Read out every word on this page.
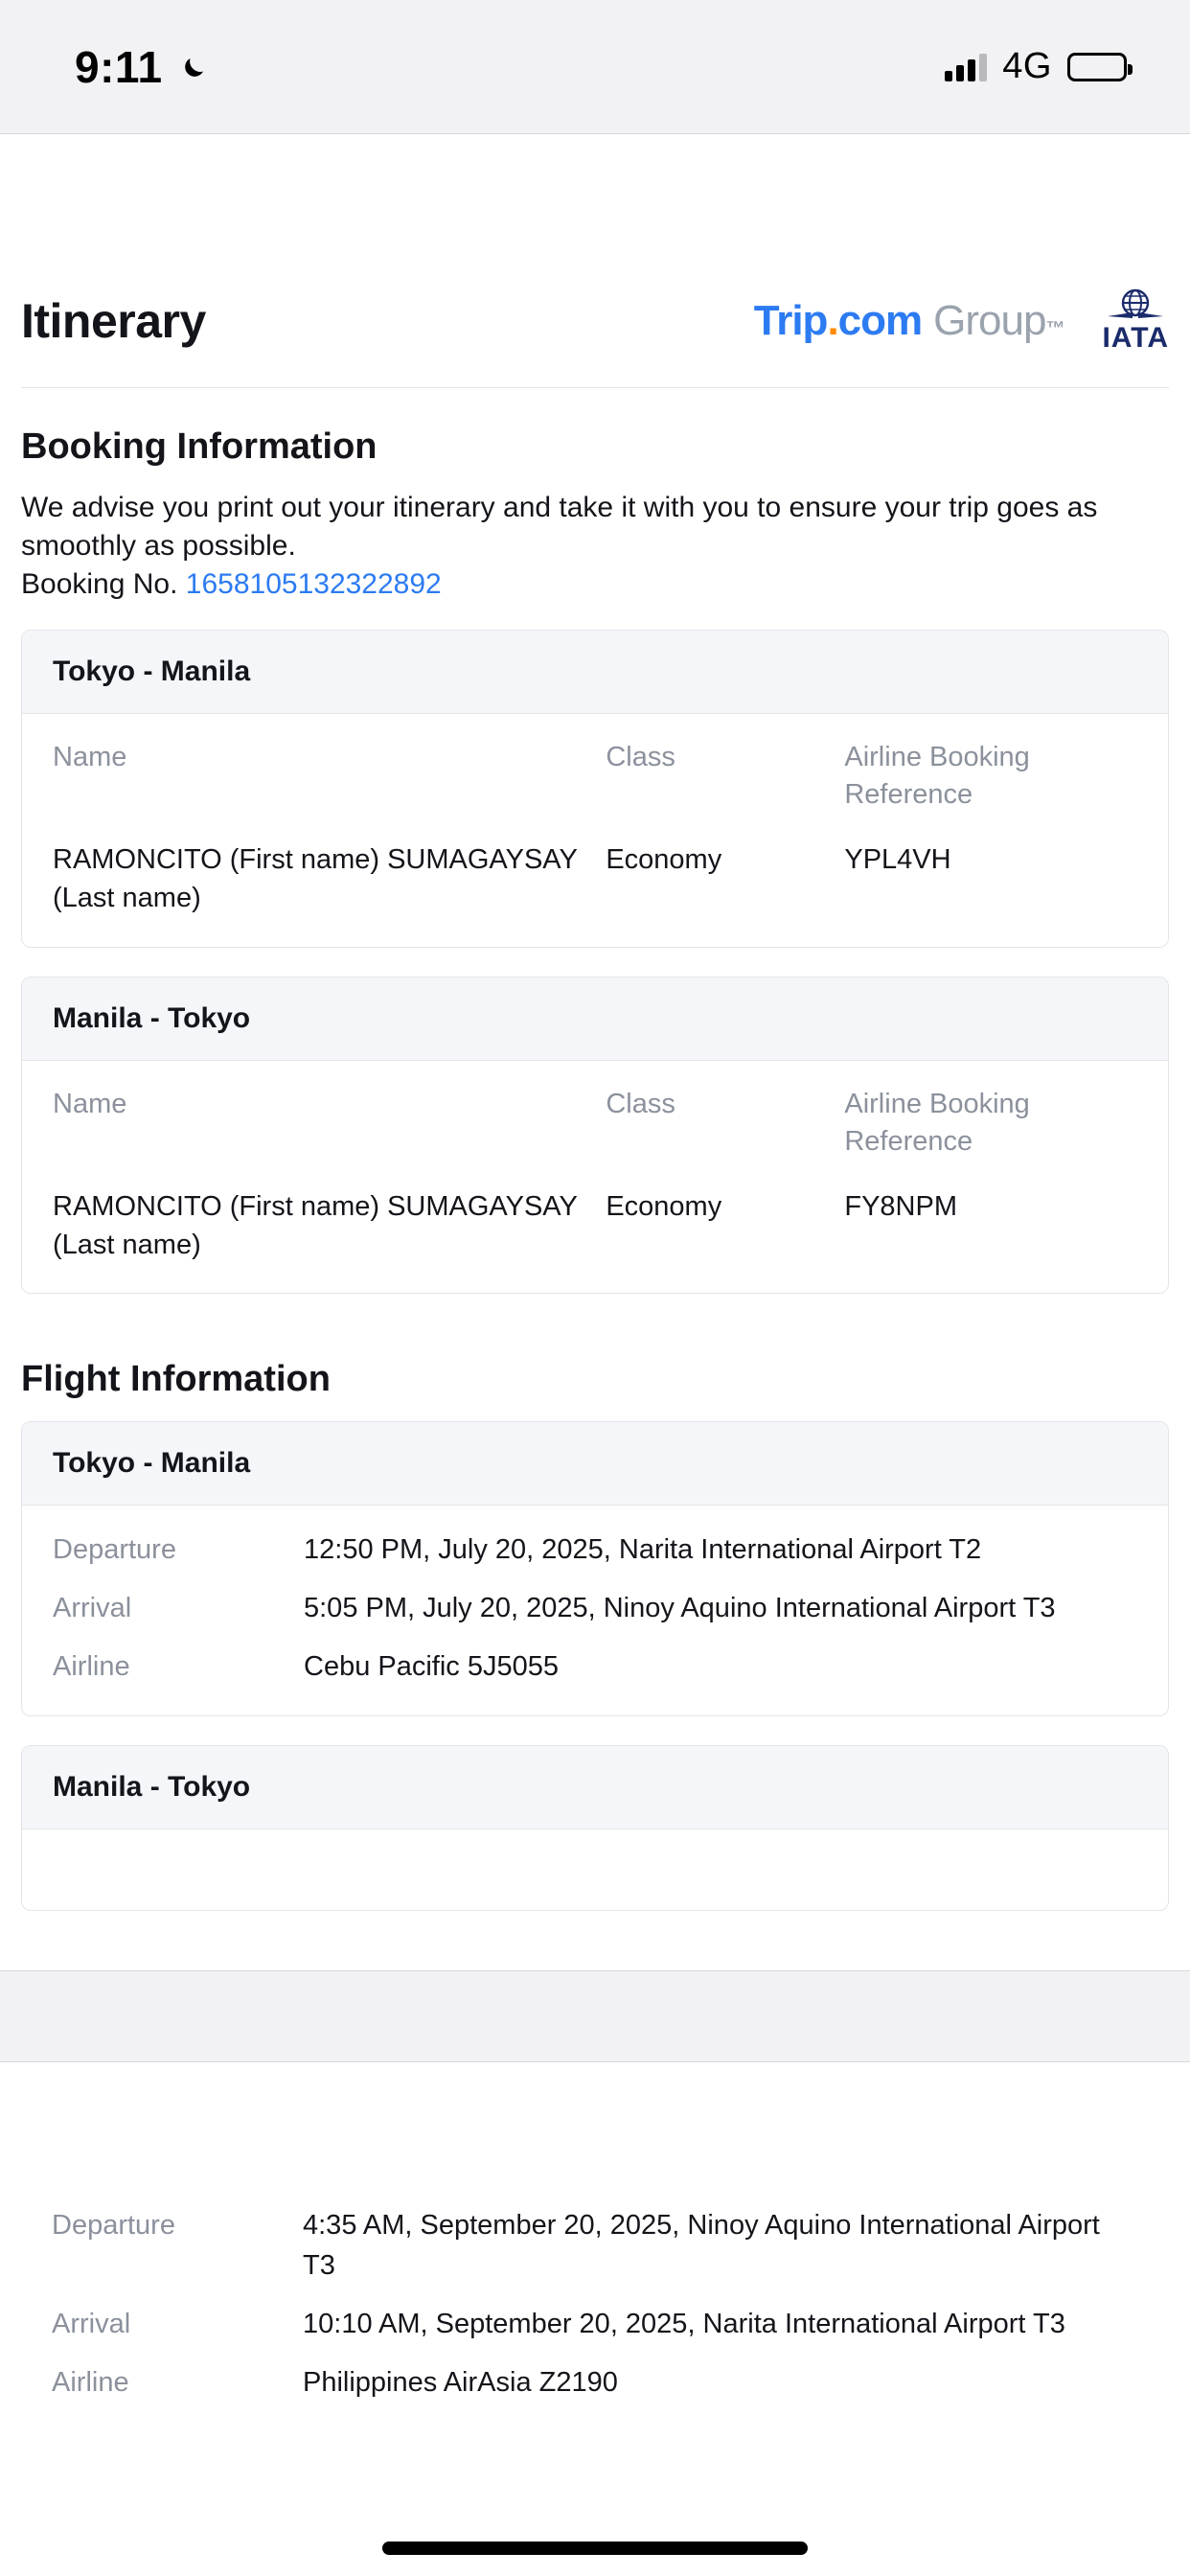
9:11	4G
Itinerary	Trip . com Group ™ IATA
Booking Information
We advise you print out your itinerary and take it with you to ensure your trip goes as smoothly as possible.
Booking No. 1658105132322892
Tokyo - Manila
Name	Class	Airline Booking Reference
RAMONCITO (First name) SUMAGAYSAY (Last name)	Economy	YPL4VH
Manila - Tokyo
Name	Class	Airline Booking Reference
RAMONCITO (First name) SUMAGAYSAY (Last name)	Economy	FY8NPM
Flight Information
Tokyo - Manila
Departure	12:50 PM, July 20, 2025, Narita International Airport T2
Arrival	5:05 PM, July 20, 2025, Ninoy Aquino International Airport T3
Airline	Cebu Pacific 5J5055
Manila - Tokyo
Departure	4:35 AM, September 20, 2025, Ninoy Aquino International Airport T3
Arrival	10:10 AM, September 20, 2025, Narita International Airport T3
Airline	Philippines AirAsia Z2190
